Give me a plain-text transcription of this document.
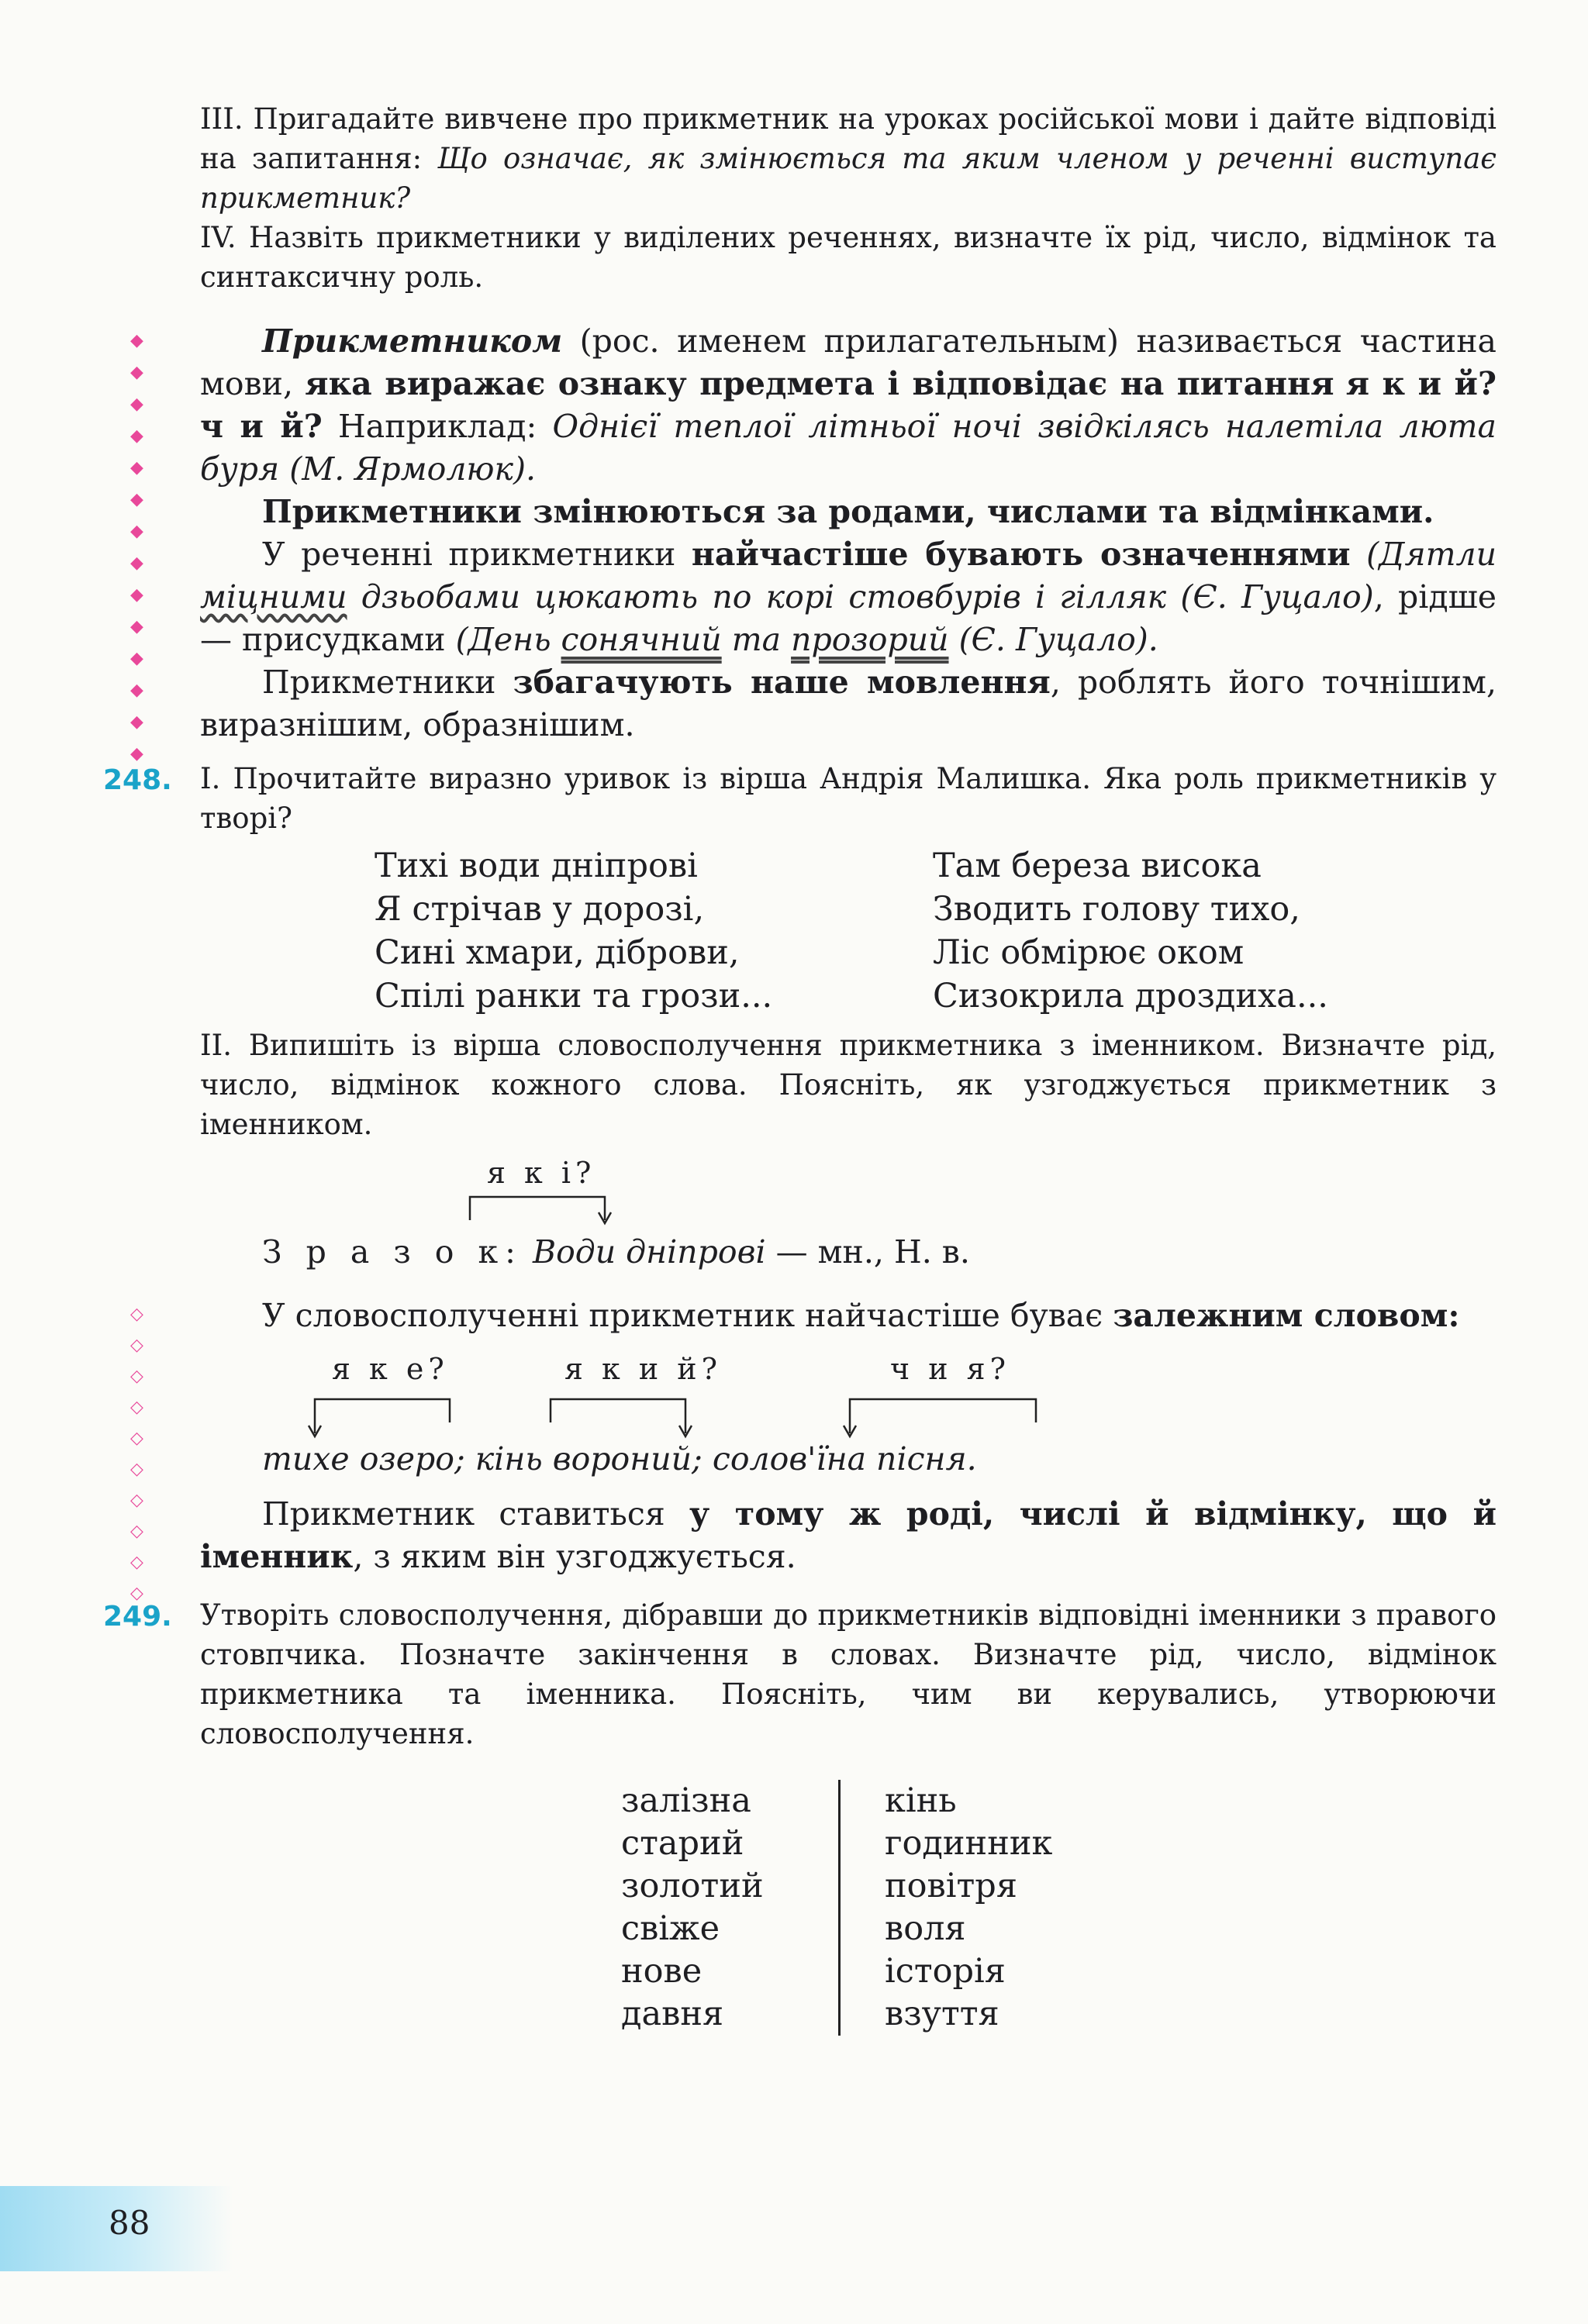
III. Пригадайте вивчене про прикметник на уроках російської мови і дайте відповіді на запитання: Що означає, як змінюється та яким членом у реченні виступає прикметник?

IV. Назвіть прикметники у виділених реченнях, визначте їх рід, число, відмінок та синтаксичну роль.

◆
◆
◆
◆
◆
◆
◆
◆
◆
◆
◆
◆
◆
◆

Прикметником (рос. именем прилагательным) називається частина мови, яка виражає ознаку предмета і відповідає на питання я к и й? ч и й? Наприклад: Однієї теплої літньої ночі звідкілясь налетіла люта буря (М. Ярмолюк).

Прикметники змінюються за родами, числами та відмінками.

У реченні прикметники найчастіше бувають означеннями (Дятли міцними дзьобами цюкають по корі стовбурів і гілляк (Є. Гуцало), рідше — присудками (День сонячний та прозорий (Є. Гуцало).

Прикметники збагачують наше мовлення, роблять його точнішим, виразнішим, образнішим.

248. І. Прочитайте виразно уривок із вірша Андрія Малишка. Яка роль прикметників у творі?

Тихі води дніпрові
Я стрічав у дорозі,
Сині хмари, діброви,
Спілі ранки та грози...
Там береза висока
Зводить голову тихо,
Ліс обмірює оком
Сизокрила дроздиха...

ІІ. Випишіть із вірша словосполучення прикметника з іменником. Визначте рід, число, відмінок кожного слова. Поясніть, як узгоджується прикметник з іменником.

я к і?
З р а з о к: Води дніпрові — мн., Н. в.
◇
◇
◇
◇
◇
◇
◇
◇
◇
◇

У словосполученні прикметник найчастіше буває залежним словом:

я к е?	я к и й?	ч и я?

тихе озеро; кінь вороний; солов'їна пісня.

Прикметник ставиться у тому ж роді, числі й відмінку, що й іменник, з яким він узгоджується.

249. Утворіть словосполучення, дібравши до прикметників відповідні іменники з правого стовпчика. Позначте закінчення в словах. Визначте рід, число, відмінок прикметника та іменника. Поясніть, чим ви керувались, утворюючи словосполучення.

залізна
старий
золотий
свіже
нове
давня
кінь
годинник
повітря
воля
історія
взуття
88
